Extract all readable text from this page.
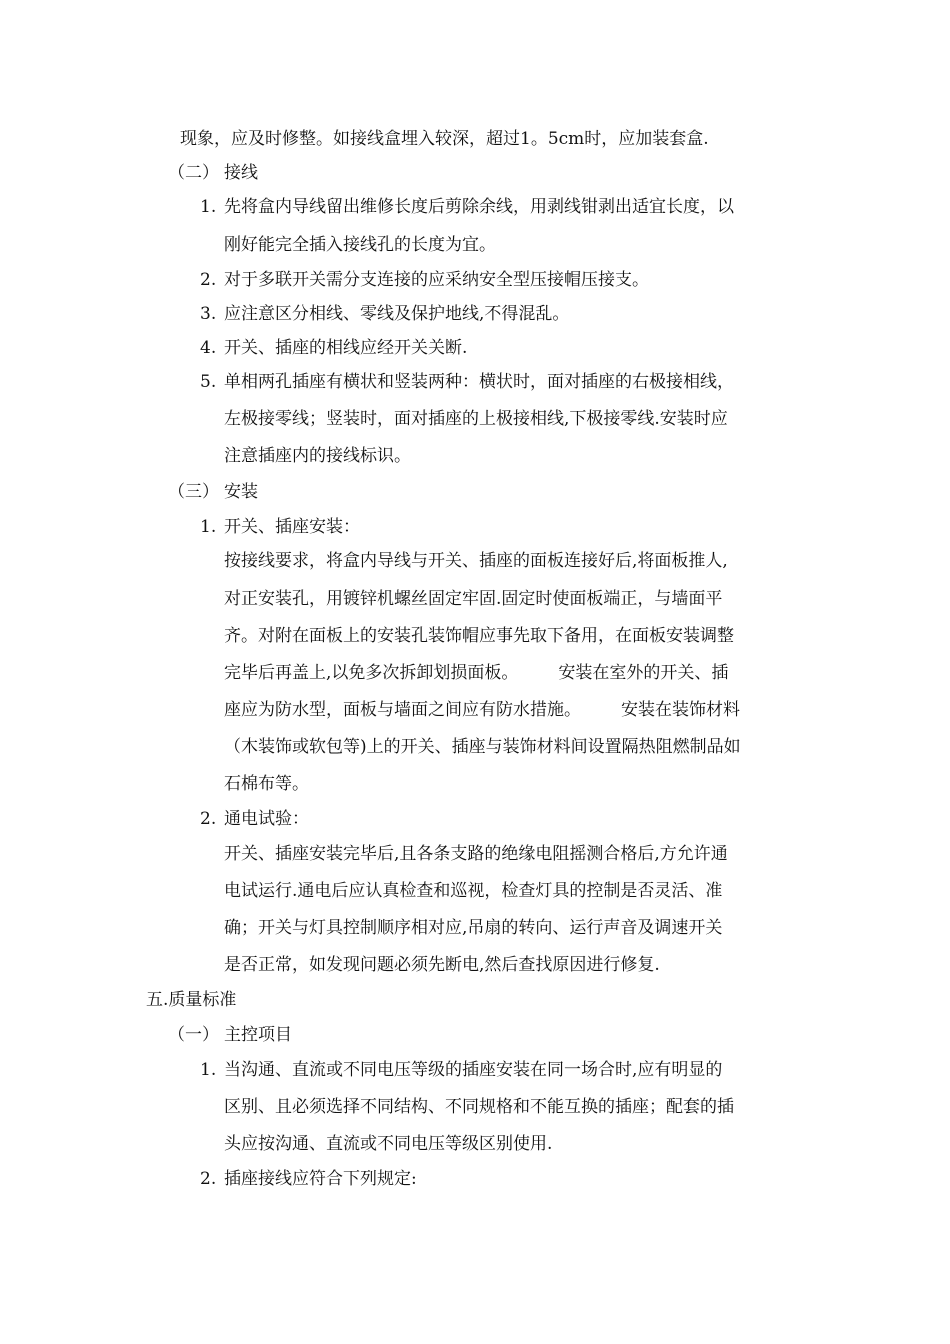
现象，应及时修整。如接线盒埋入较深，超过1。5cm时，应加装套盒.
（二） 接线
1. 先将盒内导线留出维修长度后剪除余线，用剥线钳剥出适宜长度，以
刚好能完全插入接线孔的长度为宜。
2. 对于多联开关需分支连接的应采纳安全型压接帽压接支。
3. 应注意区分相线、零线及保护地线,不得混乱。
4. 开关、插座的相线应经开关关断.
5. 单相两孔插座有横状和竖装两种：横状时，面对插座的右极接相线，
左极接零线；竖装时，面对插座的上极接相线,下极接零线.安装时应
注意插座内的接线标识。
（三） 安装
1. 开关、插座安装：
按接线要求，将盒内导线与开关、插座的面板连接好后,将面板推人,
对正安装孔，用镀锌机螺丝固定牢固.固定时使面板端正，与墙面平
齐。对附在面板上的安装孔装饰帽应事先取下备用，在面板安装调整
完毕后再盖上,以免多次拆卸划损面板。 安装在室外的开关、插
座应为防水型，面板与墙面之间应有防水措施。 安装在装饰材料
（木装饰或软包等)上的开关、插座与装饰材料间设置隔热阻燃制品如
石棉布等。
2. 通电试验：
开关、插座安装完毕后,且各条支路的绝缘电阻摇测合格后,方允许通
电试运行.通电后应认真检查和巡视，检查灯具的控制是否灵活、准
确；开关与灯具控制顺序相对应,吊扇的转向、运行声音及调速开关
是否正常，如发现问题必须先断电,然后查找原因进行修复.
五.质量标准
（一） 主控项目
1. 当沟通、直流或不同电压等级的插座安装在同一场合时,应有明显的
区别、且必须选择不同结构、不同规格和不能互换的插座；配套的插
头应按沟通、直流或不同电压等级区别使用.
2. 插座接线应符合下列规定:
